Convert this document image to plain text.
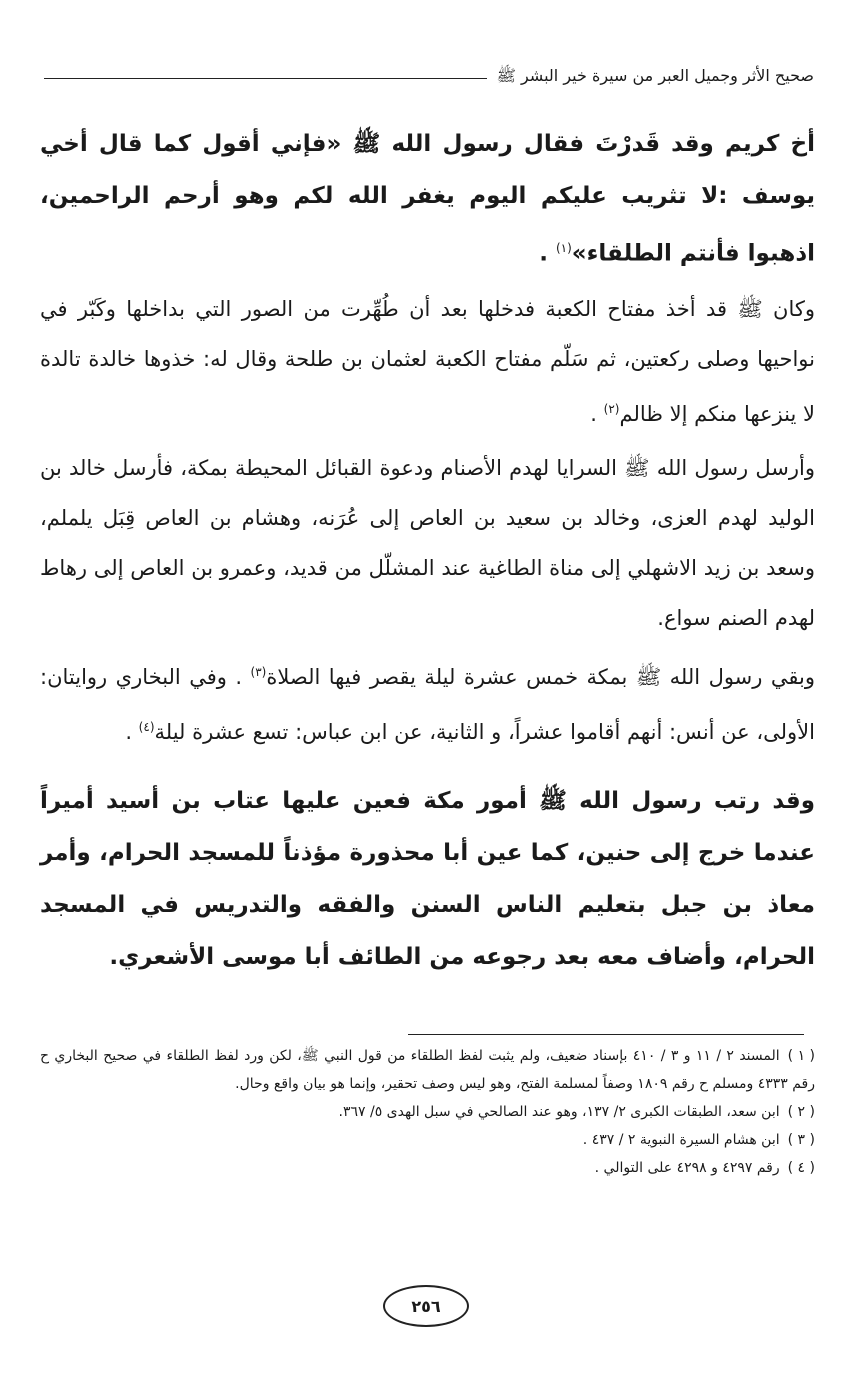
صحيح الأثر وجميل العبر من سيرة خير البشر ﷺ

أخ كريم وقد قَدرْتَ فقال رسول الله ﷺ «فإني أقول كما قال أخي يوسف :لا تثريب عليكم اليوم يغفر الله لكم وهو أرحم الراحمين، اذهبوا فأنتم الطلقاء»$^{(١)}$ .

وكان ﷺ قد أخذ مفتاح الكعبة فدخلها بعد أن طُهِّرت من الصور التي بداخلها وكَبّر في نواحيها وصلى ركعتين، ثم سَلّم مفتاح الكعبة لعثمان بن طلحة وقال له: خذوها خالدة تالدة لا ينزعها منكم إلا ظالم$^{(٢)}$ .

وأرسل رسول الله ﷺ السرايا لهدم الأصنام ودعوة القبائل المحيطة بمكة، فأرسل خالد بن الوليد لهدم العزى، وخالد بن سعيد بن العاص إلى عُرَنه، وهشام بن العاص قِبَل يلملم، وسعد بن زيد الاشهلي إلى مناة الطاغية عند المشلّل من قديد، وعمرو بن العاص إلى رهاط لهدم الصنم سواع.

وبقي رسول الله ﷺ بمكة خمس عشرة ليلة يقصر فيها الصلاة$^{(٣)}$ . وفي البخاري روايتان: الأولى، عن أنس: أنهم أقاموا عشراً، و الثانية، عن ابن عباس: تسع عشرة ليلة$^{(٤)}$ .

وقد رتب رسول الله ﷺ أمور مكة فعين عليها عتاب بن أسيد أميراً عندما خرج إلى حنين، كما عين أبا محذورة مؤذناً للمسجد الحرام، وأمر معاذ بن جبل بتعليم الناس السنن والفقه والتدريس في المسجد الحرام، وأضاف معه بعد رجوعه من الطائف أبا موسى الأشعري.

( ١ )المسند ٢ / ١١ و ٣ / ٤١٠ بإسناد ضعيف، ولم يثبت لفظ الطلقاء من قول النبي ﷺ، لكن ورد لفظ الطلقاء في صحيح البخاري ح رقم ٤٣٣٣ ومسلم ح رقم ١٨٠٩ وصفاً لمسلمة الفتح، وهو ليس وصف تحقير، وإنما هو بيان واقع وحال.

( ٢ )ابن سعد، الطبقات الكبرى ٢/ ١٣٧، وهو عند الصالحي في سبل الهدى ٥/ ٣٦٧.

( ٣ )ابن هشام السيرة النبوية ٢ / ٤٣٧ .

( ٤ )رقم ٤٢٩٧ و ٤٢٩٨ على التوالي .

٢٥٦
